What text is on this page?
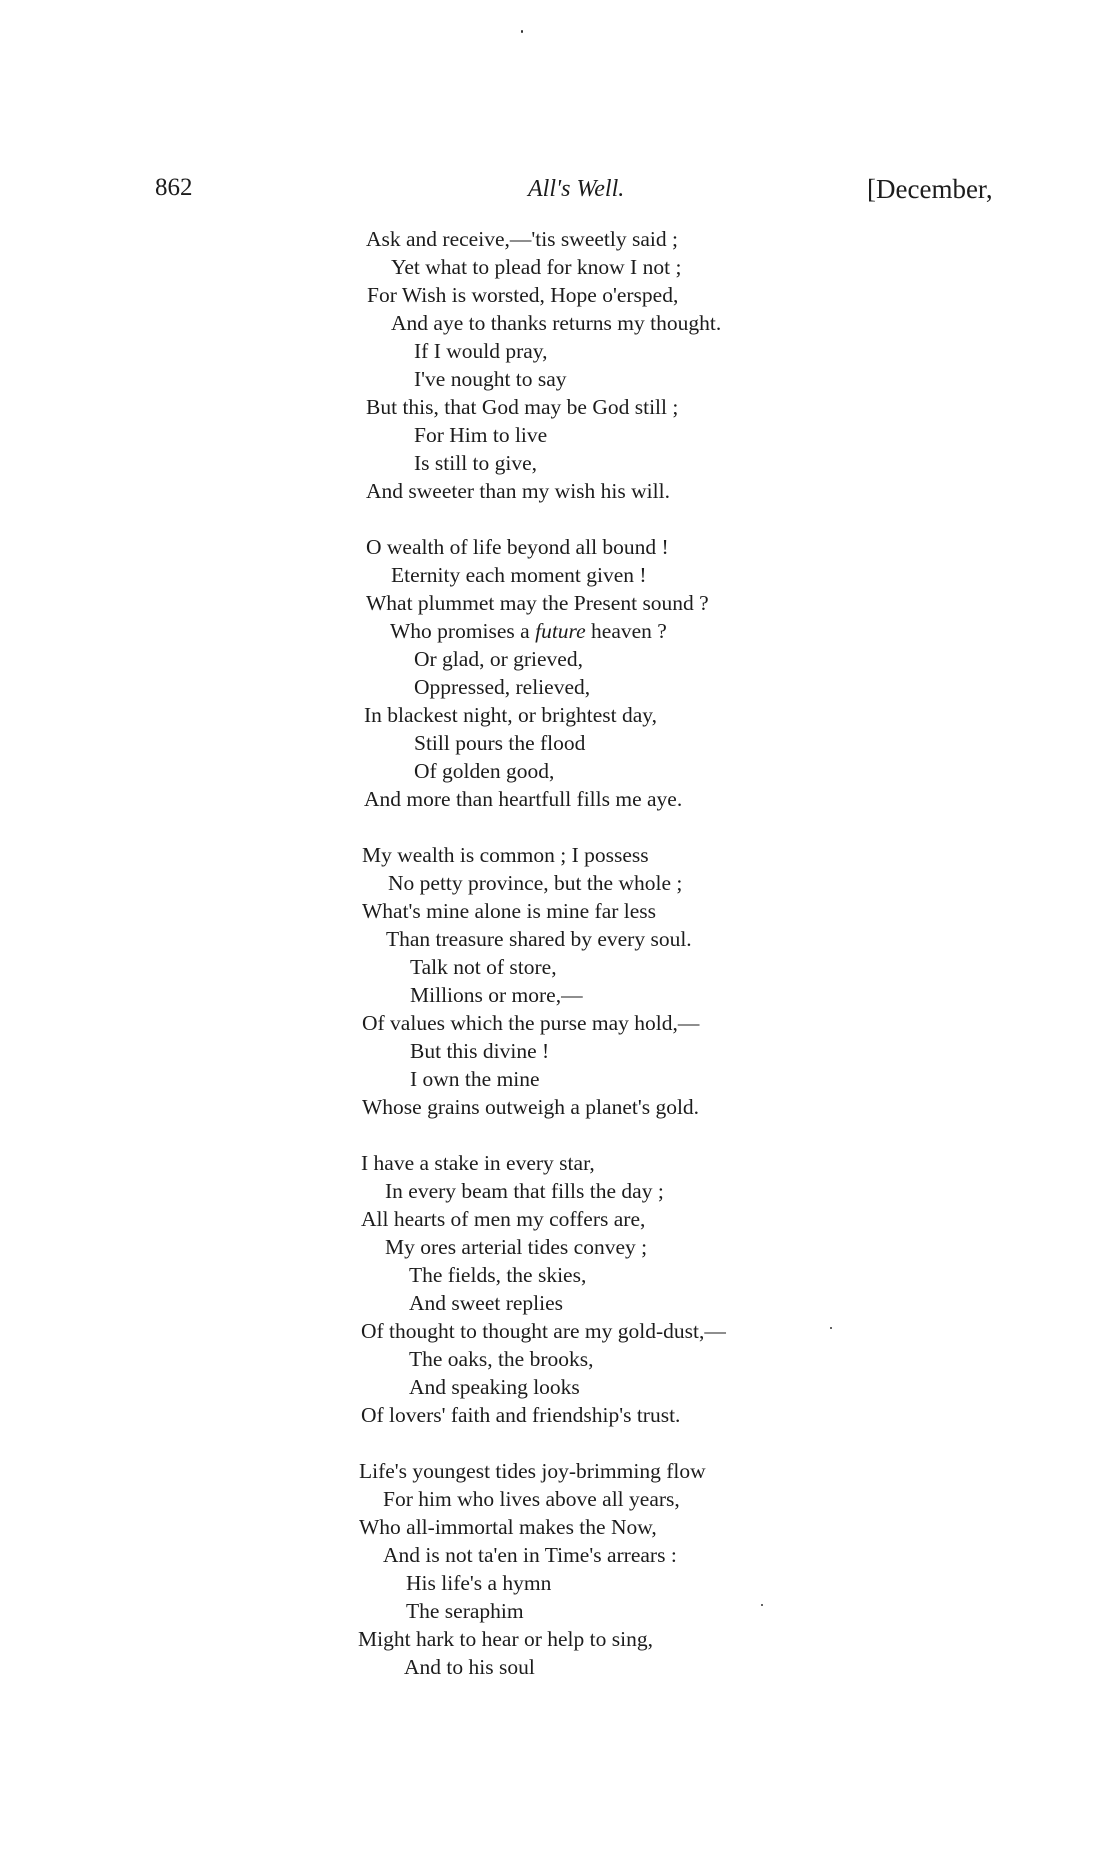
862	All's Well.	[December,
Ask and receive,—'tis sweetly said ;
Yet what to plead for know I not ;
For Wish is worsted, Hope o'ersped,
And aye to thanks returns my thought.
If I would pray,
I've nought to say
But this, that God may be God still ;
For Him to live
Is still to give,
And sweeter than my wish his will.
O wealth of life beyond all bound !
Eternity each moment given !
What plummet may the Present sound ?
Who promises a future heaven ?
Or glad, or grieved,
Oppressed, relieved,
In blackest night, or brightest day,
Still pours the flood
Of golden good,
And more than heartfull fills me aye.
My wealth is common ; I possess
No petty province, but the whole ;
What's mine alone is mine far less
Than treasure shared by every soul.
Talk not of store,
Millions or more,—
Of values which the purse may hold,—
But this divine !
I own the mine
Whose grains outweigh a planet's gold.
I have a stake in every star,
In every beam that fills the day ;
All hearts of men my coffers are,
My ores arterial tides convey ;
The fields, the skies,
And sweet replies
Of thought to thought are my gold-dust,—
The oaks, the brooks,
And speaking looks
Of lovers' faith and friendship's trust.
Life's youngest tides joy-brimming flow
For him who lives above all years,
Who all-immortal makes the Now,
And is not ta'en in Time's arrears :
His life's a hymn
The seraphim
Might hark to hear or help to sing,
And to his soul
